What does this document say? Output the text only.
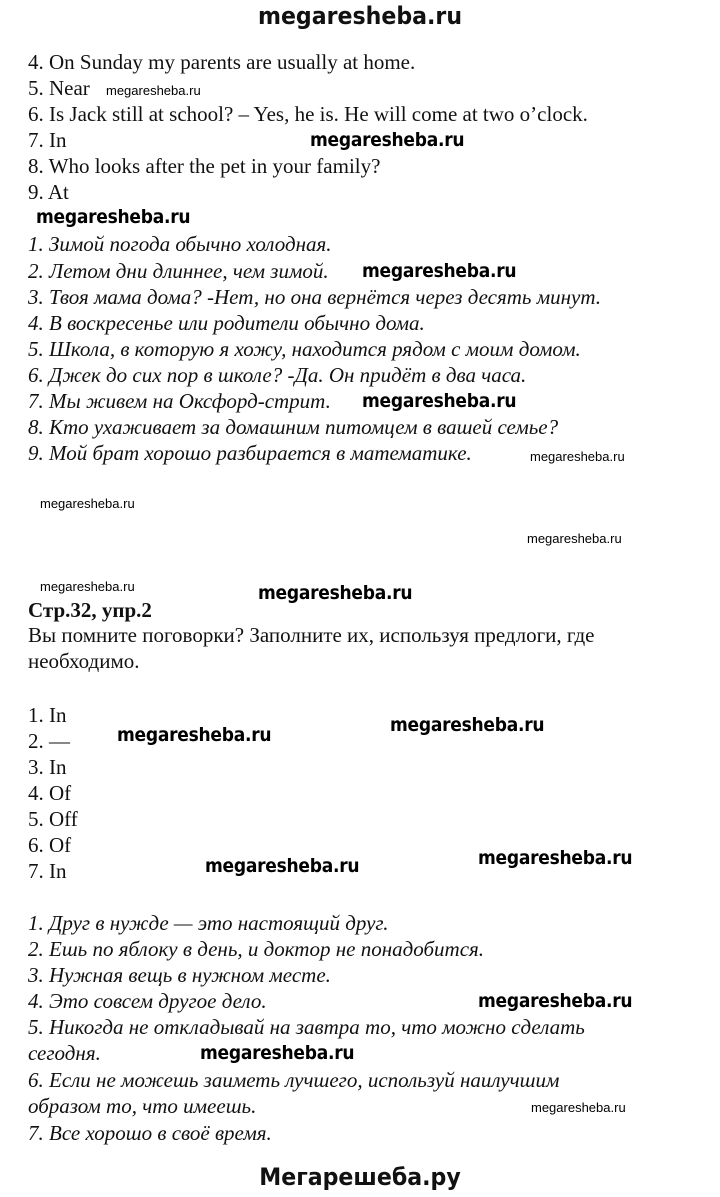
megaresheba.ru
4. On Sunday my parents are usually at home.
5. Near
6. Is Jack still at school? – Yes, he is. He will come at two o’clock.
7. In
8. Who looks after the pet in your family?
9. At
1. Зимой погода обычно холодная.
2. Летом дни длиннее, чем зимой.
3. Твоя мама дома? -Нет, но она вернётся через десять минут.
4. В воскресенье или родители обычно дома.
5. Школа, в которую я хожу, находится рядом с моим домом.
6. Джек до сих пор в школе? -Да. Он придёт в два часа.
7. Мы живем на Оксфорд-стрит.
8. Кто ухаживает за домашним питомцем в вашей семье?
9. Мой брат хорошо разбирается в математике.
Стр.32, упр.2
Вы помните поговорки? Заполните их, используя предлоги, где
необходимо.
1. In
2. —
3. In
4. Of
5. Off
6. Of
7. In
1. Друг в нужде — это настоящий друг.
2. Ешь по яблоку в день, и доктор не понадобится.
3. Нужная вещь в нужном месте.
4. Это совсем другое дело.
5. Никогда не откладывай на завтра то, что можно сделать
сегодня.
6. Если не можешь заиметь лучшего, используй наилучшим
образом то, что имеешь.
7. Все хорошо в своё время.
megaresheba.ru
megaresheba.ru
megaresheba.ru
megaresheba.ru
megaresheba.ru
megaresheba.ru
megaresheba.ru
megaresheba.ru	megaresheba.ru
megaresheba.ru
megaresheba.ru
megaresheba.ru
megaresheba.ru
megaresheba.ru
megaresheba.ru
megaresheba.ru
megaresheba.ru
Мегарешеба.ру
